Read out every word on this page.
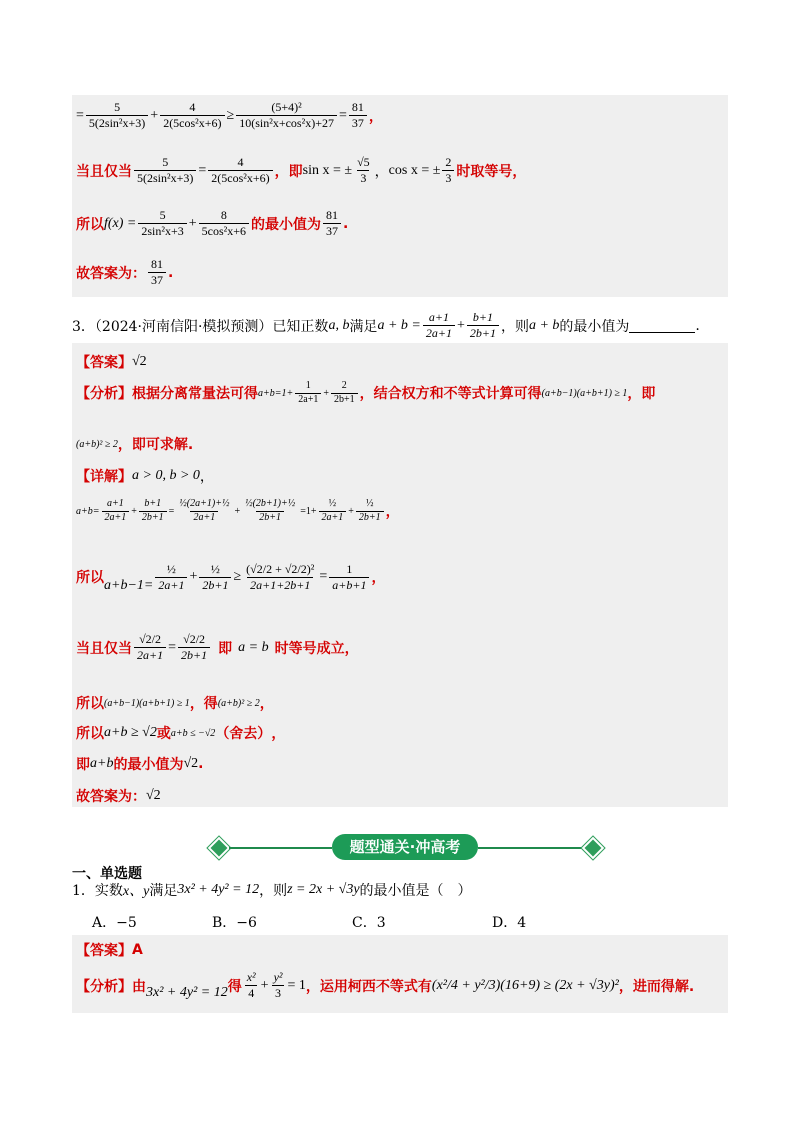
= $\frac{5}{\text{5(2sin²x+3)}} + \frac{4}{\text{2(5cos²x+6)}} \ge \frac{\text{(5+4)²}}{\text{10(sin²x+cos²x)+27}} = \frac{81}{37}$ ，
当且仅当 $\frac{5}{\text{5(2sin²x+3)}} = \frac{4}{\text{2(5cos²x+6)}}$ ，即 sin x = ± $\frac{√5}{3}$ ， cos x = ± $\frac{2}{3}$ 时取等号，
所以 $f(x) = \frac{5}{\text{2sin²x+3}} + \frac{8}{\text{5cos²x+6}}$ 的最小值为 $\frac{81}{37}$ .
故答案为： $\frac{81}{37}$ .
3．（2024·河南信阳·模拟预测）已知正数 a, b 满足 $a + b = \frac{a+1}{2a+1} + \frac{b+1}{2b+1}$ ，则 a + b 的最小值为	.
【答案】 √2
【分析】 根据分离常量法可得 $a+b=1+ \frac{1}{2a+1} + \frac{2}{2b+1}$ ，结合权方和不等式计算可得 (a+b−1)(a+b+1) ≥ 1 ，即
(a+b)² ≥ 2 ，即可求解.
【详解】 a > 0, b > 0 ，
$a+b= \frac{a+1}{2a+1} + \frac{b+1}{2b+1} = \frac{\text{½(2a+1)+½}}{2a+1} + \frac{\text{½(2b+1)+½}}{2b+1} =1+ \frac{\text{½}}{2a+1} + \frac{\text{½}}{2b+1}$ ，
所以 $a+b-1= \frac{\text{½}}{2a+1} + \frac{\text{½}}{2b+1} \ge \frac{\text{(√2/2 + √2/2)²}}{2a+1+2b+1} = \frac{1}{a+b+1}$ ，
当且仅当 $\frac{√2/2}{2a+1} = \frac{√2/2}{2b+1}$ 即 a = b 时等号成立，
所以 (a+b−1)(a+b+1) ≥ 1 ，得 (a+b)² ≥ 2 ，
所以 a+b ≥ √2 或 a+b ≤ −√2 （舍去） ，
即 a+b 的最小值为 √2 .
故答案为： √2
题型通关·冲高考
一、单选题
1．实数 x、y 满足 3x² + 4y² = 12 ，则 z = 2x + √3y 的最小值是（　）
A．−5	B．−6	C．3	D．4
【答案】 A
【分析】 由 3x² + 4y² = 12 得 $\frac{\text{x²}}{4} + \frac{\text{y²}}{3} = 1$ ，运用柯西不等式有 (x²/4 + y²/3)(16+9) ≥ (2x + √3y)² ，进而得解.
